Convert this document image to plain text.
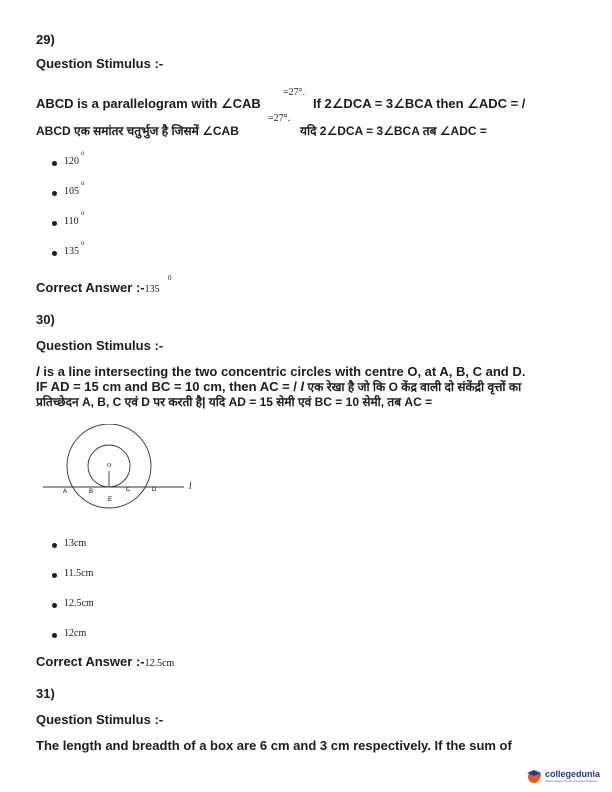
29)
Question Stimulus :-
ABCD is a parallelogram with ∠CAB
=27°.
If 2∠DCA = 3∠BCA then ∠ADC = /
ABCD एक समांतर चतुर्भुज है जिसमें ∠CAB
=27°.
यदि 2∠DCA = 3∠BCA तब ∠ADC =
120
o
105
o
110
o
135
o
Correct Answer :-135
0
30)
Question Stimulus :-
l is a line intersecting the two concentric circles with centre O, at A, B, C and D.
IF AD = 15 cm and BC = 10 cm, then AC = / l एक रेखा है जो कि O केंद्र वाली दो संकेंद्री वृत्तों का
प्रतिच्छेदन A, B, C एवं D पर करती है| यदि AD = 15 सेमी एवं BC = 10 सेमी, तब AC =
O
A	B	C	D
E
l
13cm
11.5cm
12.5cm
12cm
Correct Answer :-12.5cm
31)
Question Stimulus :-
The length and breadth of a box are 6 cm and 3 cm respectively. If the sum of
collegedunia
India's largest Student Review Platform
